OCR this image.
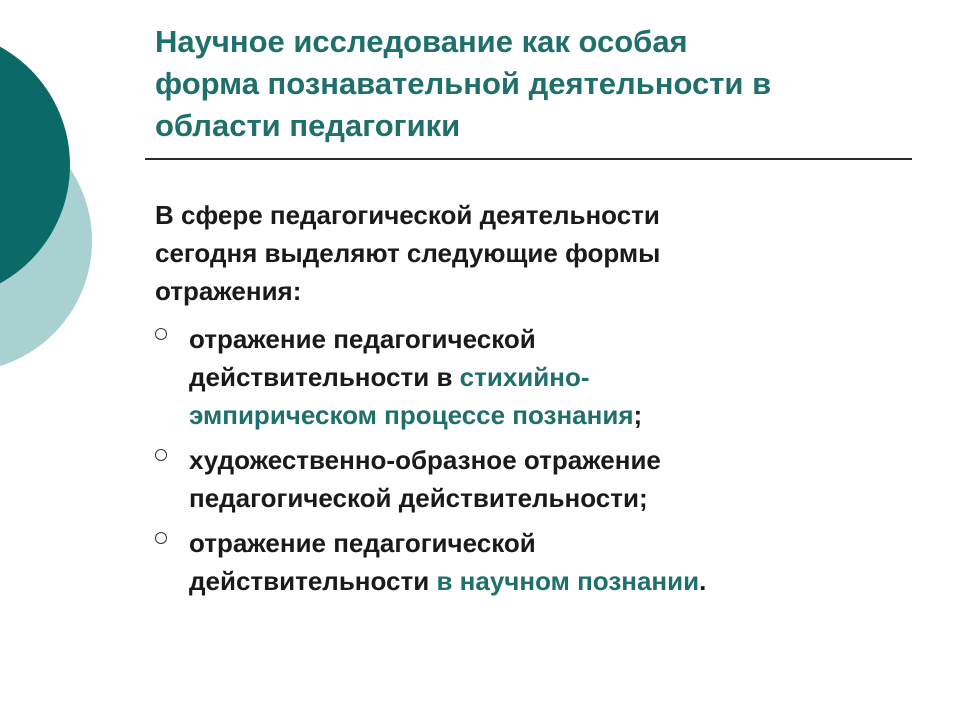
Научное исследование как особая
форма познавательной деятельности в
области педагогики

В сфере педагогической деятельности
сегодня выделяют следующие формы
отражения:

отражение педагогической
действительности в стихийно-
эмпирическом процессе познания;
художественно-образное отражение
педагогической действительности;
отражение педагогической
действительности в научном познании.
